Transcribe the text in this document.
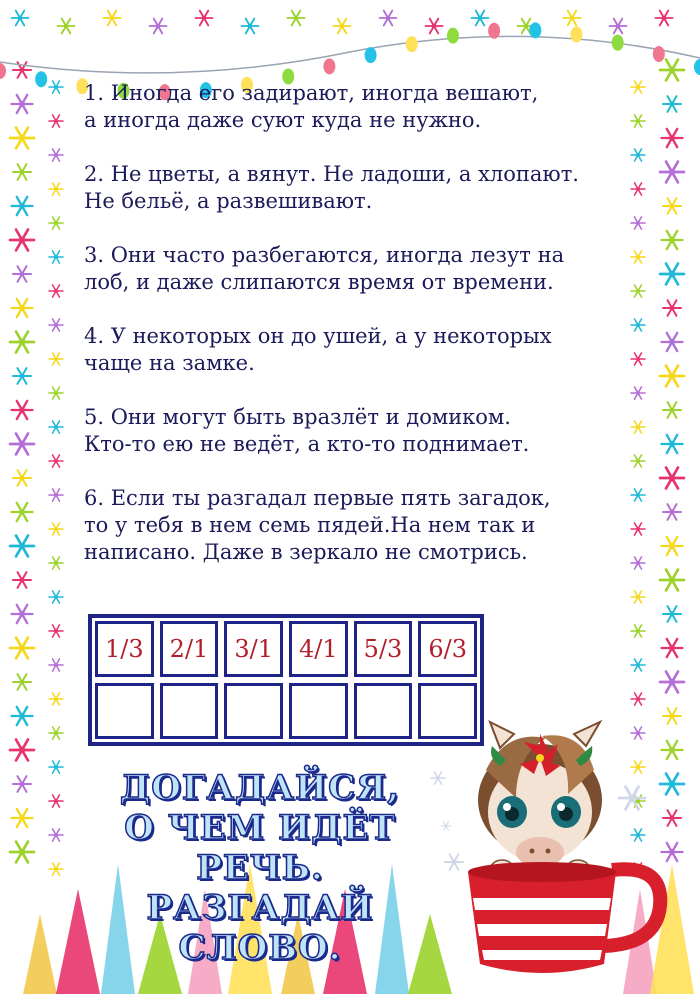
1. Иногда его задирают, иногда вешают,
а иногда даже суют куда не нужно.

2. Не цветы, а вянут. Не ладоши, а хлопают.
Не бельё, а развешивают.

3. Они часто разбегаются, иногда лезут на
лоб, и даже слипаются время от времени.

4. У некоторых он до ушей, а у некоторых
чаще на замке.

5. Они могут быть вразлёт и домиком.
Кто-то ею не ведёт, а кто-то поднимает.

6. Если ты разгадал первые пять загадок,
то у тебя в нем семь пядей.На нем так и
написано. Даже в зеркало не смотрись.

1/3	2/1	3/1	4/1	5/3	6/3
ДОГАДАЙСЯ,
О ЧЕМ ИДЁТ РЕЧЬ.
РАЗГАДАЙ СЛОВО.
